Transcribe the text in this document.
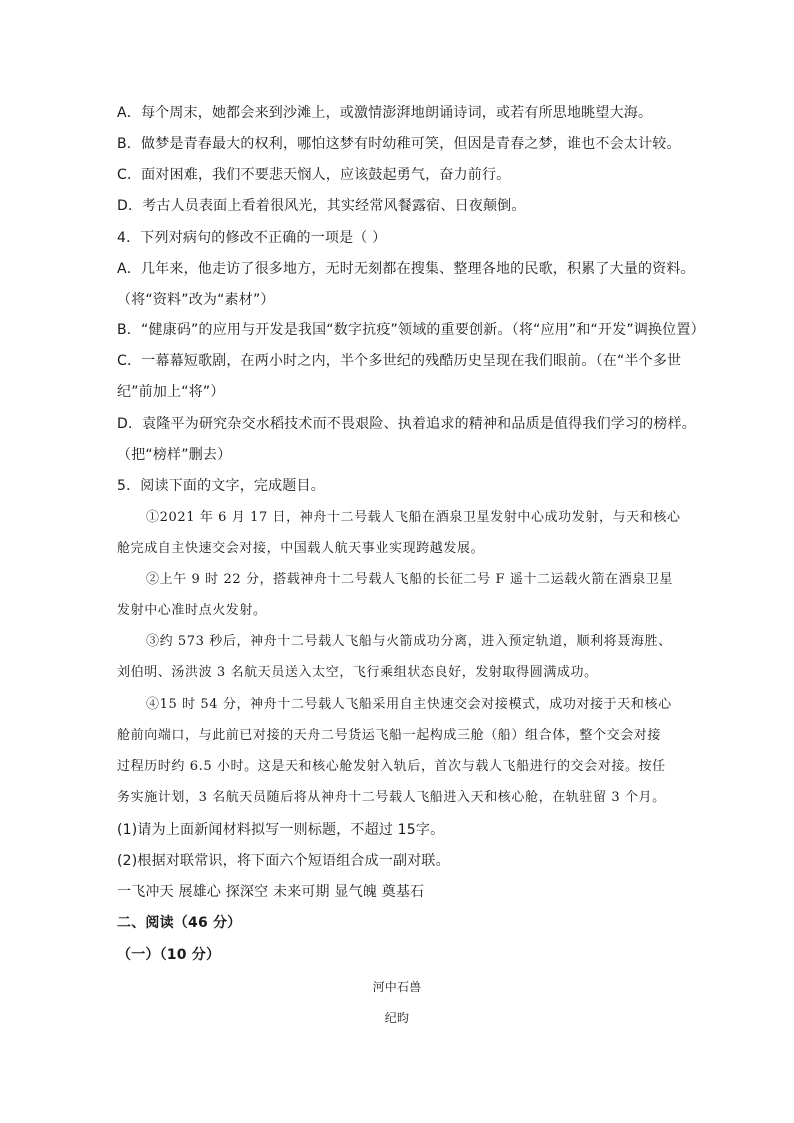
A．每个周末，她都会来到沙滩上，或激情澎湃地朗诵诗词，或若有所思地眺望大海。
B．做梦是青春最大的权利，哪怕这梦有时幼稚可笑，但因是青春之梦，谁也不会太计较。
C．面对困难，我们不要悲天悯人，应该鼓起勇气，奋力前行。
D．考古人员表面上看着很风光，其实经常风餐露宿、日夜颠倒。
4．下列对病句的修改不正确的一项是（ ）
A．几年来，他走访了很多地方，无时无刻都在搜集、整理各地的民歌，积累了大量的资料。
（将“资料”改为“素材”）
B．“健康码”的应用与开发是我国“数字抗疫”领域的重要创新。（将“应用”和“开发”调换位置）
C．一幕幕短歌剧，在两小时之内，半个多世纪的残酷历史呈现在我们眼前。（在“半个多世
纪”前加上“将”）
D．袁隆平为研究杂交水稻技术而不畏艰险、执着追求的精神和品质是值得我们学习的榜样。
（把“榜样”删去）
5．阅读下面的文字，完成题目。
①2021 年 6 月 17 日，神舟十二号载人飞船在酒泉卫星发射中心成功发射，与天和核心
舱完成自主快速交会对接，中国载人航天事业实现跨越发展。
②上午 9 时 22 分，搭载神舟十二号载人飞船的长征二号 F 遥十二运载火箭在酒泉卫星
发射中心准时点火发射。
③约 573 秒后，神舟十二号载人飞船与火箭成功分离，进入预定轨道，顺利将聂海胜、
刘伯明、汤洪波 3 名航天员送入太空，飞行乘组状态良好，发射取得圆满成功。
④15 时 54 分，神舟十二号载人飞船采用自主快速交会对接模式，成功对接于天和核心
舱前向端口，与此前已对接的天舟二号货运飞船一起构成三舱（船）组合体，整个交会对接
过程历时约 6.5 小时。这是天和核心舱发射入轨后，首次与载人飞船进行的交会对接。按任
务实施计划，3 名航天员随后将从神舟十二号载人飞船进入天和核心舱，在轨驻留 3 个月。
(1)请为上面新闻材料拟写一则标题，不超过 15字。
(2)根据对联常识，将下面六个短语组合成一副对联。
一飞冲天 展雄心 探深空 未来可期 显气魄 奠基石
二、阅读（46 分）
（一）（10 分）
河中石兽
纪昀
